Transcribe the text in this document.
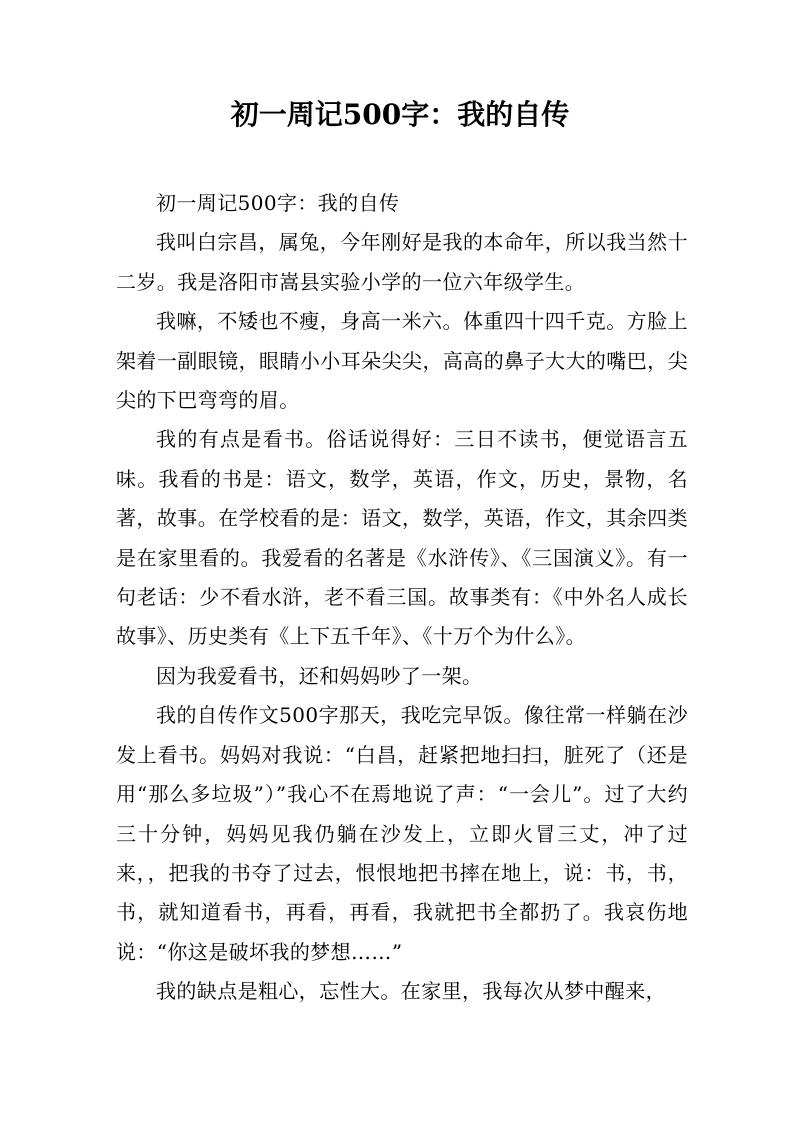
初一周记500字：我的自传

初一周记500字：我的自传

我叫白宗昌，属兔，今年刚好是我的本命年，所以我当然十二岁。我是洛阳市嵩县实验小学的一位六年级学生。

我嘛，不矮也不瘦，身高一米六。体重四十四千克。方脸上架着一副眼镜，眼睛小小耳朵尖尖，高高的鼻子大大的嘴巴，尖尖的下巴弯弯的眉。

我的有点是看书。俗话说得好：三日不读书，便觉语言五味。我看的书是：语文，数学，英语，作文，历史，景物，名著，故事。在学校看的是：语文，数学，英语，作文，其余四类是在家里看的。我爱看的名著是《水浒传》、《三国演义》。有一句老话：少不看水浒，老不看三国。故事类有：《中外名人成长故事》、历史类有《上下五千年》、《十万个为什么》。

因为我爱看书，还和妈妈吵了一架。

我的自传作文500字那天，我吃完早饭。像往常一样躺在沙发上看书。妈妈对我说：“白昌，赶紧把地扫扫，脏死了（还是用“那么多垃圾”）”我心不在焉地说了声：“一会儿”。过了大约三十分钟，妈妈见我仍躺在沙发上，立即火冒三丈，冲了过来，，把我的书夺了过去，恨恨地把书摔在地上，说：书，书，书，就知道看书，再看，再看，我就把书全都扔了。我哀伤地说：“你这是破坏我的梦想……”

我的缺点是粗心，忘性大。在家里，我每次从梦中醒来，
